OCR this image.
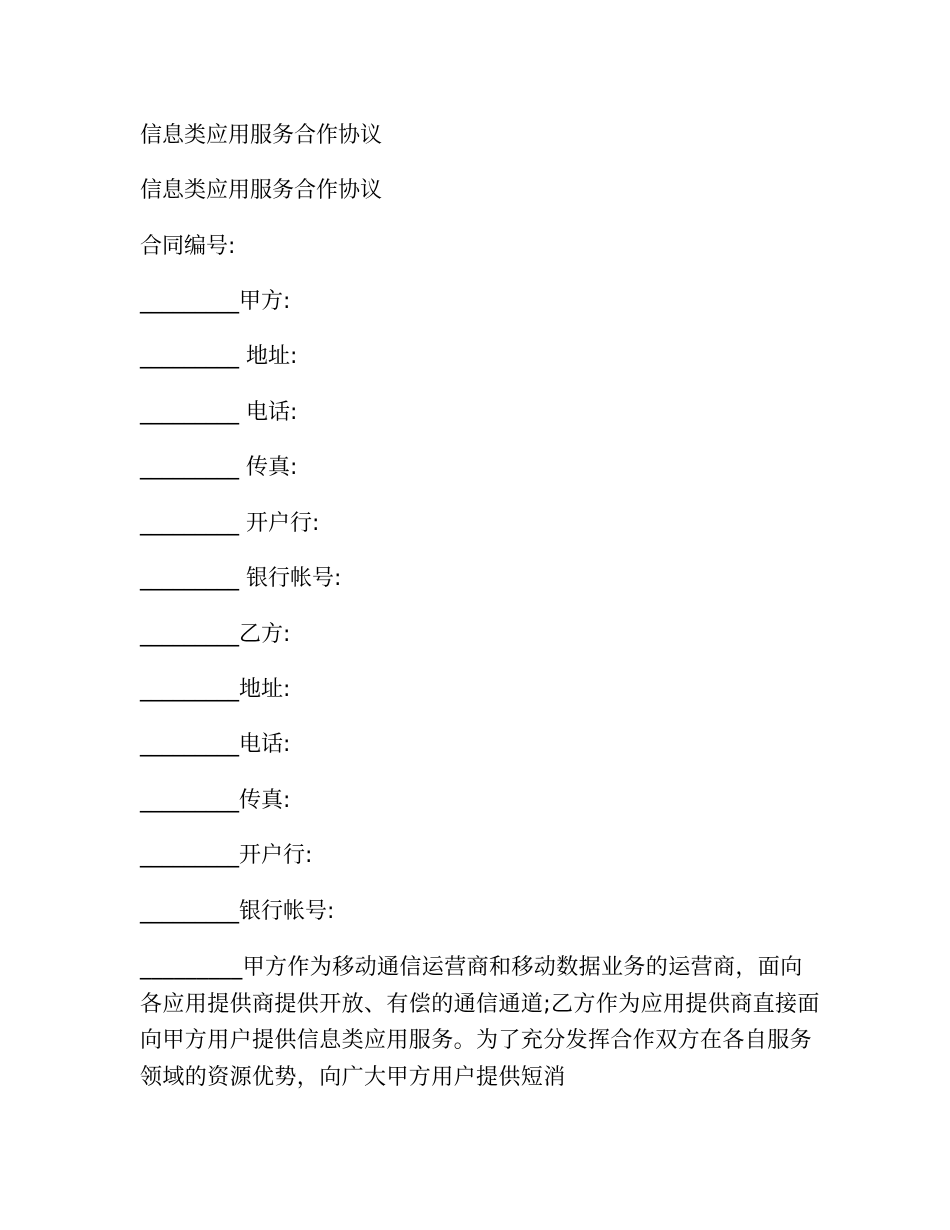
信息类应用服务合作协议
信息类应用服务合作协议
合同编号:
_________甲方:
_________ 地址:
_________ 电话:
_________ 传真:
_________ 开户行:
_________ 银行帐号:
_________乙方:
_________地址:
_________电话:
_________传真:
_________开户行:
_________银行帐号:
_________甲方作为移动通信运营商和移动数据业务的运营商，面向各应用提供商提供开放、有偿的通信通道;乙方作为应用提供商直接面向甲方用户提供信息类应用服务。为了充分发挥合作双方在各自服务领域的资源优势，向广大甲方用户提供短消
